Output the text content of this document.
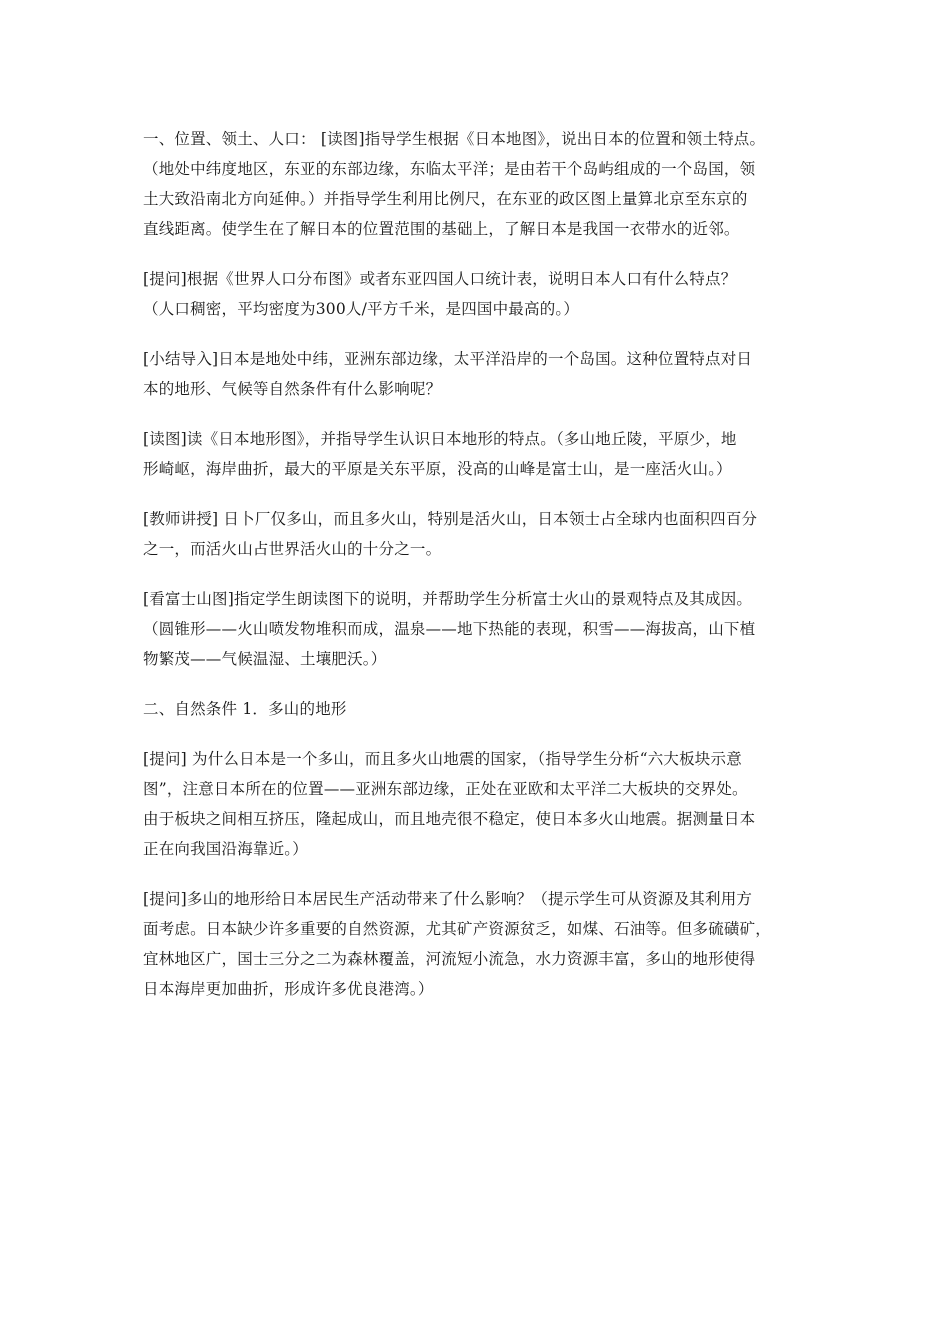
一、位置、领土、人口： [读图]指导学生根据《日本地图》，说出日本的位置和领土特点。
（地处中纬度地区，东亚的东部边缘，东临太平洋；是由若干个岛屿组成的一个岛国，领
土大致沿南北方向延伸。）并指导学生利用比例尺，在东亚的政区图上量算北京至东京的
直线距离。使学生在了解日本的位置范围的基础上，了解日本是我国一衣带水的近邻。
[提问]根据《世界人口分布图》或者东亚四国人口统计表，说明日本人口有什么特点？
（人口稠密，平均密度为300人/平方千米，是四国中最高的。）
[小结导入]日本是地处中纬，亚洲东部边缘，太平洋沿岸的一个岛国。这种位置特点对日
本的地形、气候等自然条件有什么影响呢？
[读图]读《日本地形图》，并指导学生认识日本地形的特点。（多山地丘陵，平原少，地
形崎岖，海岸曲折，最大的平原是关东平原，没高的山峰是富士山，是一座活火山。）
[教师讲授] 日卜厂仅多山，而且多火山，特别是活火山，日本领士占全球内也面积四百分
之一，而活火山占世界活火山的十分之一。
[看富士山图]指定学生朗读图下的说明，并帮助学生分析富士火山的景观特点及其成因。
（圆锥形——火山喷发物堆积而成，温泉——地下热能的表现，积雪——海拔高，山下植
物繁茂——气候温湿、土壤肥沃。）
二、自然条件 1．多山的地形
[提问] 为什么日本是一个多山，而且多火山地震的国家，（指导学生分析“六大板块示意
图”，注意日本所在的位置——亚洲东部边缘，正处在亚欧和太平洋二大板块的交界处。
由于板块之间相互挤压，隆起成山，而且地壳很不稳定，使日本多火山地震。据测量日本
正在向我国沿海靠近。）
[提问]多山的地形给日本居民生产活动带来了什么影响？（提示学生可从资源及其利用方
面考虑。日本缺少许多重要的自然资源，尤其矿产资源贫乏，如煤、石油等。但多硫磺矿，
宜林地区广，国士三分之二为森林覆盖，河流短小流急，水力资源丰富，多山的地形使得
日本海岸更加曲折，形成许多优良港湾。）
